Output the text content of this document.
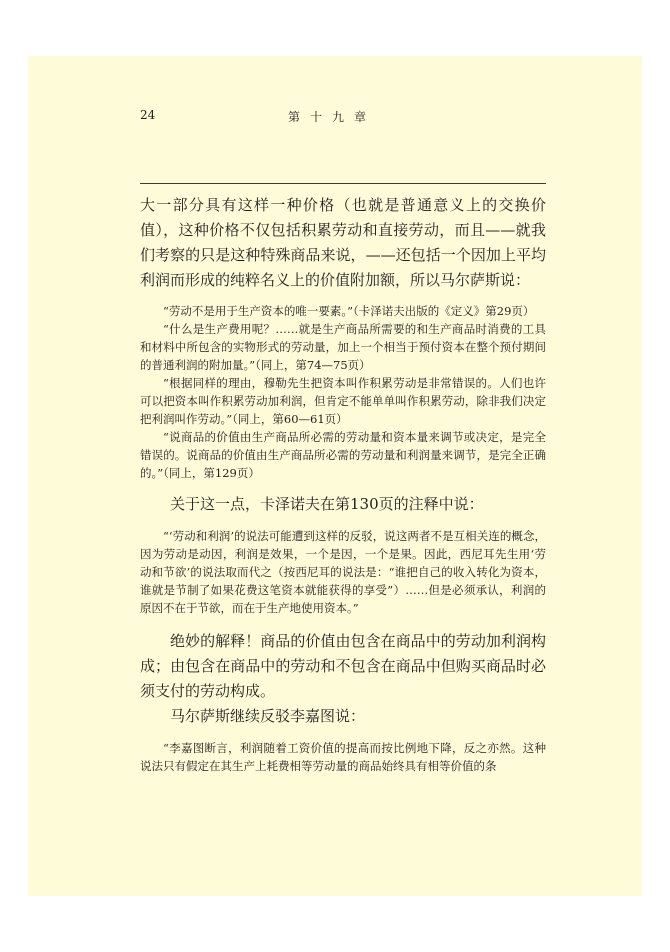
24	第十九章

大一部分具有这样一种价格（也就是普通意义上的交换价值），这种价格不仅包括积累劳动和直接劳动，而且——就我们考察的只是这种特殊商品来说，——还包括一个因加上平均利润而形成的纯粹名义上的价值附加额，所以马尔萨斯说：

“劳动不是用于生产资本的唯一要素。”（卡泽诺夫出版的《定义》第29页）

“什么是生产费用呢？……就是生产商品所需要的和生产商品时消费的工具和材料中所包含的实物形式的劳动量，加上一个相当于预付资本在整个预付期间的普通利润的附加量。”（同上，第74—75页）

“根据同样的理由，穆勒先生把资本叫作积累劳动是非常错误的。人们也许可以把资本叫作积累劳动加利润，但肯定不能单单叫作积累劳动，除非我们决定把利润叫作劳动。”（同上，第60—61页）

“说商品的价值由生产商品所必需的劳动量和资本量来调节或决定，是完全错误的。说商品的价值由生产商品所必需的劳动量和利润量来调节，是完全正确的。”（同上，第129页）

关于这一点，卡泽诺夫在第130页的注释中说：

“‘劳动和利润’的说法可能遭到这样的反驳，说这两者不是互相关连的概念，因为劳动是动因，利润是效果，一个是因，一个是果。因此，西尼耳先生用‘劳动和节欲’的说法取而代之（按西尼耳的说法是：“谁把自己的收入转化为资本，谁就是节制了如果花费这笔资本就能获得的享受”）……但是必须承认，利润的原因不在于节欲，而在于生产地使用资本。”

绝妙的解释！商品的价值由包含在商品中的劳动加利润构成；由包含在商品中的劳动和不包含在商品中但购买商品时必须支付的劳动构成。

马尔萨斯继续反驳李嘉图说：

“李嘉图断言，利润随着工资价值的提高而按比例地下降，反之亦然。这种说法只有假定在其生产上耗费相等劳动量的商品始终具有相等价值的条
